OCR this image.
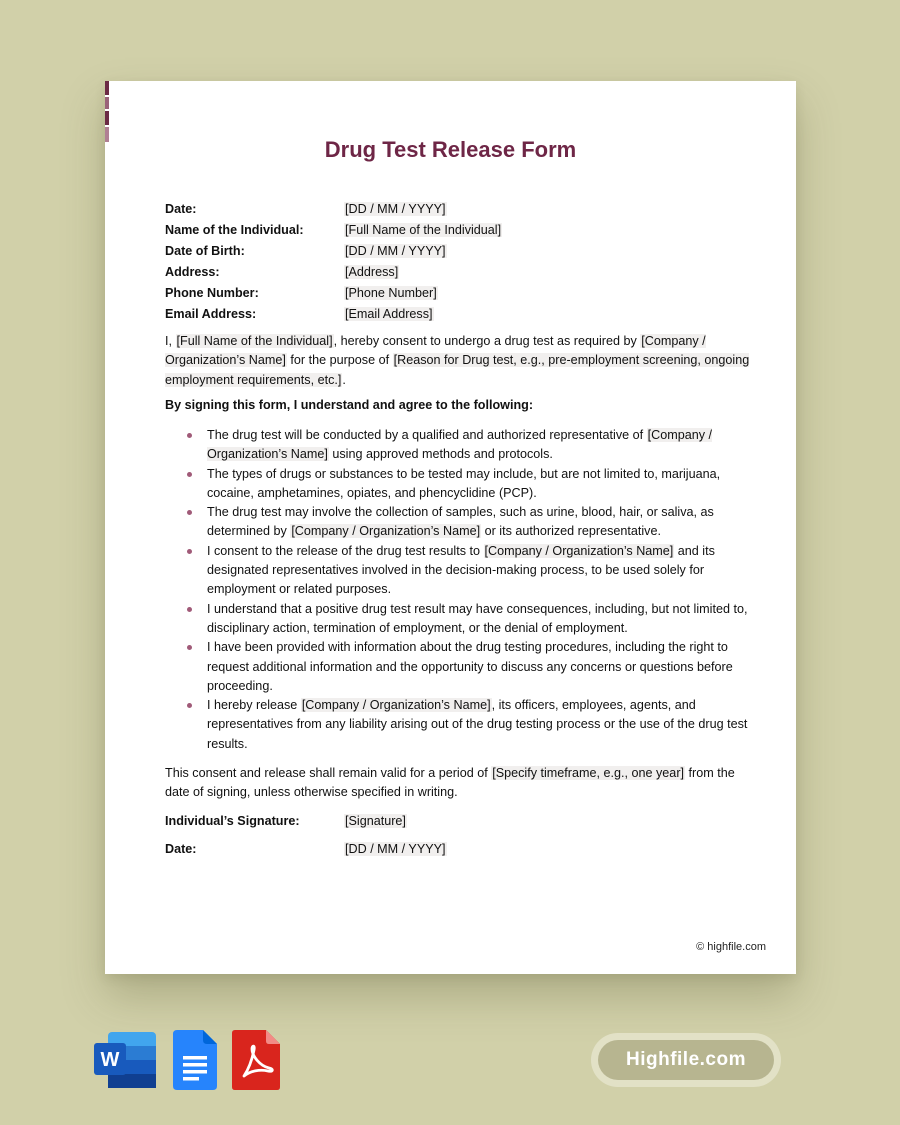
Drug Test Release Form
Date:	[DD / MM / YYYY]
Name of the Individual:	[Full Name of the Individual]
Date of Birth:	[DD / MM / YYYY]
Address:	[Address]
Phone Number:	[Phone Number]
Email Address:	[Email Address]

I, [Full Name of the Individual], hereby consent to undergo a drug test as required by [Company / Organization’s Name] for the purpose of [Reason for Drug test, e.g., pre-employment screening, ongoing employment requirements, etc.].

By signing this form, I understand and agree to the following:
The drug test will be conducted by a qualified and authorized representative of [Company / Organization’s Name] using approved methods and protocols.
The types of drugs or substances to be tested may include, but are not limited to, marijuana, cocaine, amphetamines, opiates, and phencyclidine (PCP).
The drug test may involve the collection of samples, such as urine, blood, hair, or saliva, as determined by [Company / Organization’s Name] or its authorized representative.
I consent to the release of the drug test results to [Company / Organization’s Name] and its designated representatives involved in the decision-making process, to be used solely for employment or related purposes.
I understand that a positive drug test result may have consequences, including, but not limited to, disciplinary action, termination of employment, or the denial of employment.
I have been provided with information about the drug testing procedures, including the right to request additional information and the opportunity to discuss any concerns or questions before proceeding.
I hereby release [Company / Organization’s Name], its officers, employees, agents, and representatives from any liability arising out of the drug testing process or the use of the drug test results.
This consent and release shall remain valid for a period of [Specify timeframe, e.g., one year] from the date of signing, unless otherwise specified in writing.
Individual’s Signature:	[Signature]
Date:	[DD / MM / YYYY]
© highfile.com
W	Highfile.com
